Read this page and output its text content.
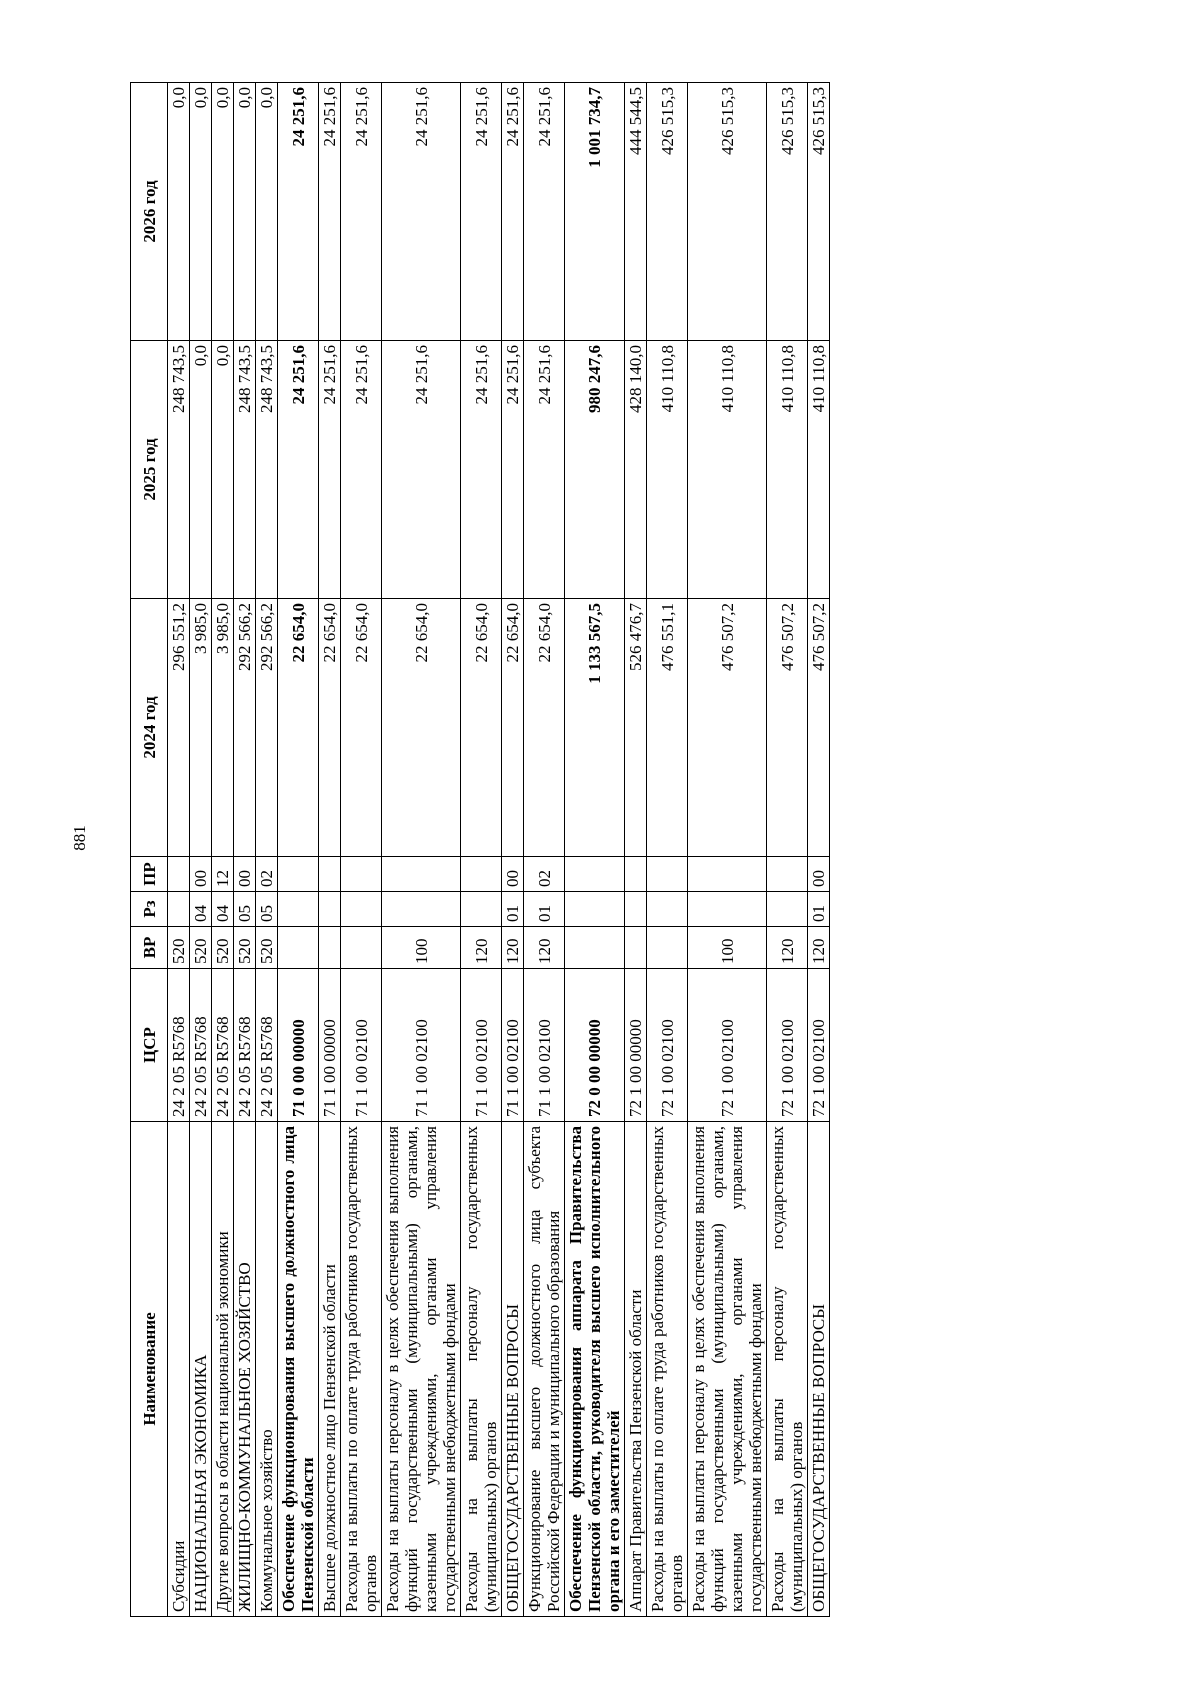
881
Наименование	ЦСР	ВР	Рз	ПР	2024 год	2025 год	2026 год
Субсидии	24 2 05 R5768	520			296 551,2	248 743,5	0,0
НАЦИОНАЛЬНАЯ ЭКОНОМИКА	24 2 05 R5768	520	04	00	3 985,0	0,0	0,0
Другие вопросы в области национальной экономики	24 2 05 R5768	520	04	12	3 985,0	0,0	0,0
ЖИЛИЩНО-КОММУНАЛЬНОЕ ХОЗЯЙСТВО	24 2 05 R5768	520	05	00	292 566,2	248 743,5	0,0
Коммунальное хозяйство	24 2 05 R5768	520	05	02	292 566,2	248 743,5	0,0
Обеспечение функционирования высшего должностного лица Пензенской области	71 0 00 00000				22 654,0	24 251,6	24 251,6
Высшее должностное лицо Пензенской области	71 1 00 00000				22 654,0	24 251,6	24 251,6
Расходы на выплаты по оплате труда работников государственных органов	71 1 00 02100				22 654,0	24 251,6	24 251,6
Расходы на выплаты персоналу в целях обеспечения выполнения функций государственными (муниципальными) органами, казенными учреждениями, органами управления государственными внебюджетными фондами	71 1 00 02100	100			22 654,0	24 251,6	24 251,6
Расходы на выплаты персоналу государственных (муниципальных) органов	71 1 00 02100	120			22 654,0	24 251,6	24 251,6
ОБЩЕГОСУДАРСТВЕННЫЕ ВОПРОСЫ	71 1 00 02100	120	01	00	22 654,0	24 251,6	24 251,6
Функционирование высшего должностного лица субъекта Российской Федерации и муниципального образования	71 1 00 02100	120	01	02	22 654,0	24 251,6	24 251,6
Обеспечение функционирования аппарата Правительства Пензенской области, руководителя высшего исполнительного органа и его заместителей	72 0 00 00000				1 133 567,5	980 247,6	1 001 734,7
Аппарат Правительства Пензенской области	72 1 00 00000				526 476,7	428 140,0	444 544,5
Расходы на выплаты по оплате труда работников государственных органов	72 1 00 02100				476 551,1	410 110,8	426 515,3
Расходы на выплаты персоналу в целях обеспечения выполнения функций государственными (муниципальными) органами, казенными учреждениями, органами управления государственными внебюджетными фондами	72 1 00 02100	100			476 507,2	410 110,8	426 515,3
Расходы на выплаты персоналу государственных (муниципальных) органов	72 1 00 02100	120			476 507,2	410 110,8	426 515,3
ОБЩЕГОСУДАРСТВЕННЫЕ ВОПРОСЫ	72 1 00 02100	120	01	00	476 507,2	410 110,8	426 515,3
